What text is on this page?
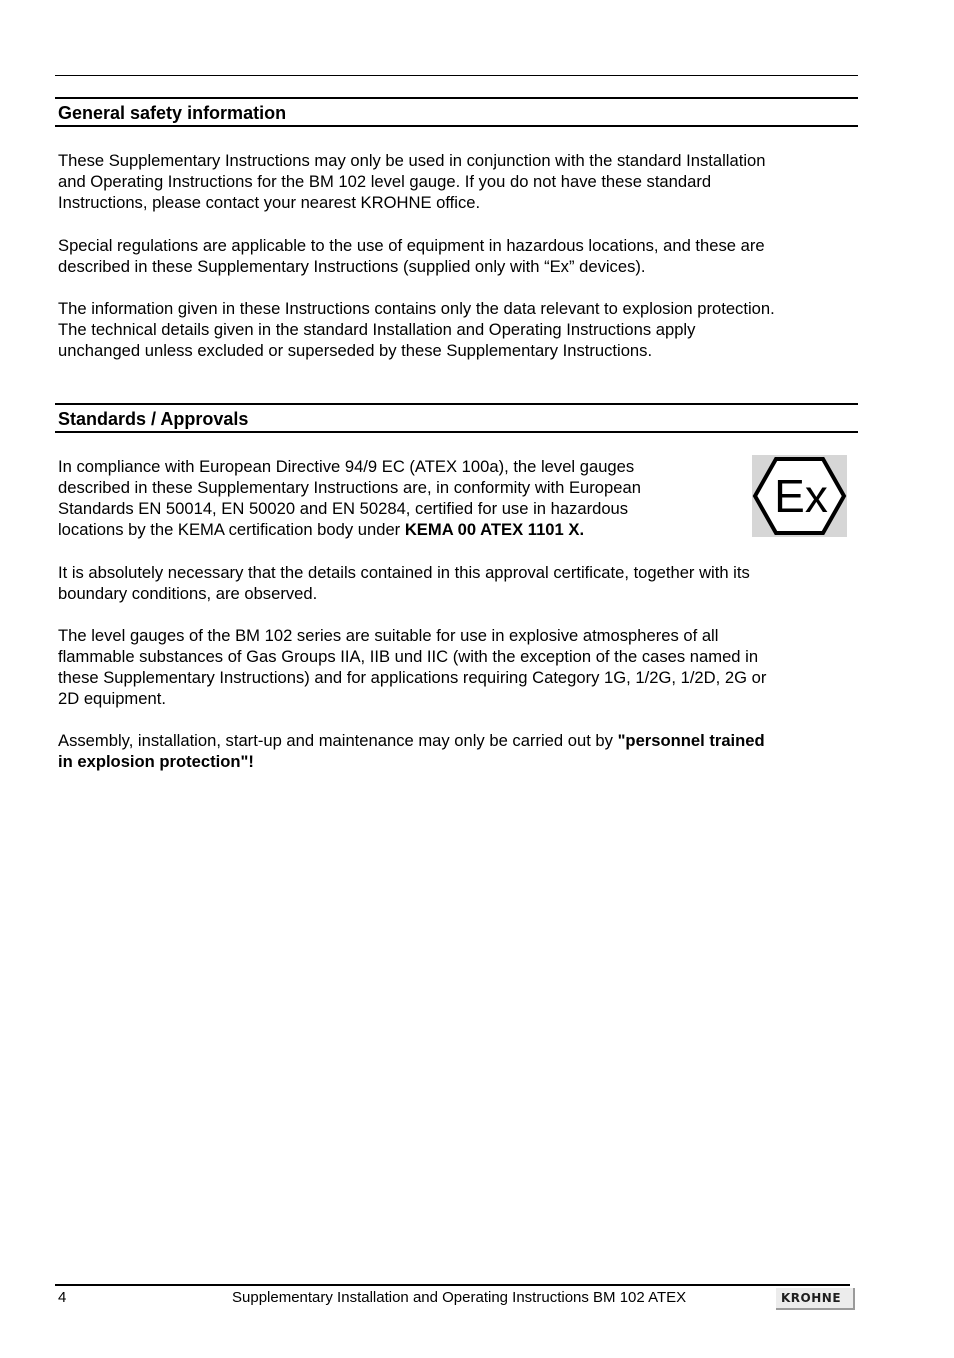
General safety information

These Supplementary Instructions may only be used in conjunction with the standard Installation
and Operating Instructions for the BM 102 level gauge. If you do not have these standard
Instructions, please contact your nearest KROHNE office.

Special regulations are applicable to the use of equipment in hazardous locations, and these are
described in these Supplementary Instructions (supplied only with “Ex” devices).

The information given in these Instructions contains only the data relevant to explosion protection.
The technical details given in the standard Installation and Operating Instructions apply
unchanged unless excluded or superseded by these Supplementary Instructions.

Standards / Approvals

In compliance with European Directive 94/9 EC (ATEX 100a), the level gauges
described in these Supplementary Instructions are, in conformity with European
Standards EN 50014, EN 50020 and EN 50284, certified for use in hazardous
locations by the KEMA certification body under KEMA 00 ATEX 1101 X.

Ex

It is absolutely necessary that the details contained in this approval certificate, together with its
boundary conditions, are observed.

The level gauges of the BM 102 series are suitable for use in explosive atmospheres of all
flammable substances of Gas Groups IIA, IIB und IIC (with the exception of the cases named in
these Supplementary Instructions) and for applications requiring Category 1G, 1/2G, 1/2D, 2G or
2D equipment.

Assembly, installation, start-up and maintenance may only be carried out by "personnel trained
in explosion protection"!

4	Supplementary Installation and Operating Instructions BM 102 ATEX	KROHNE
